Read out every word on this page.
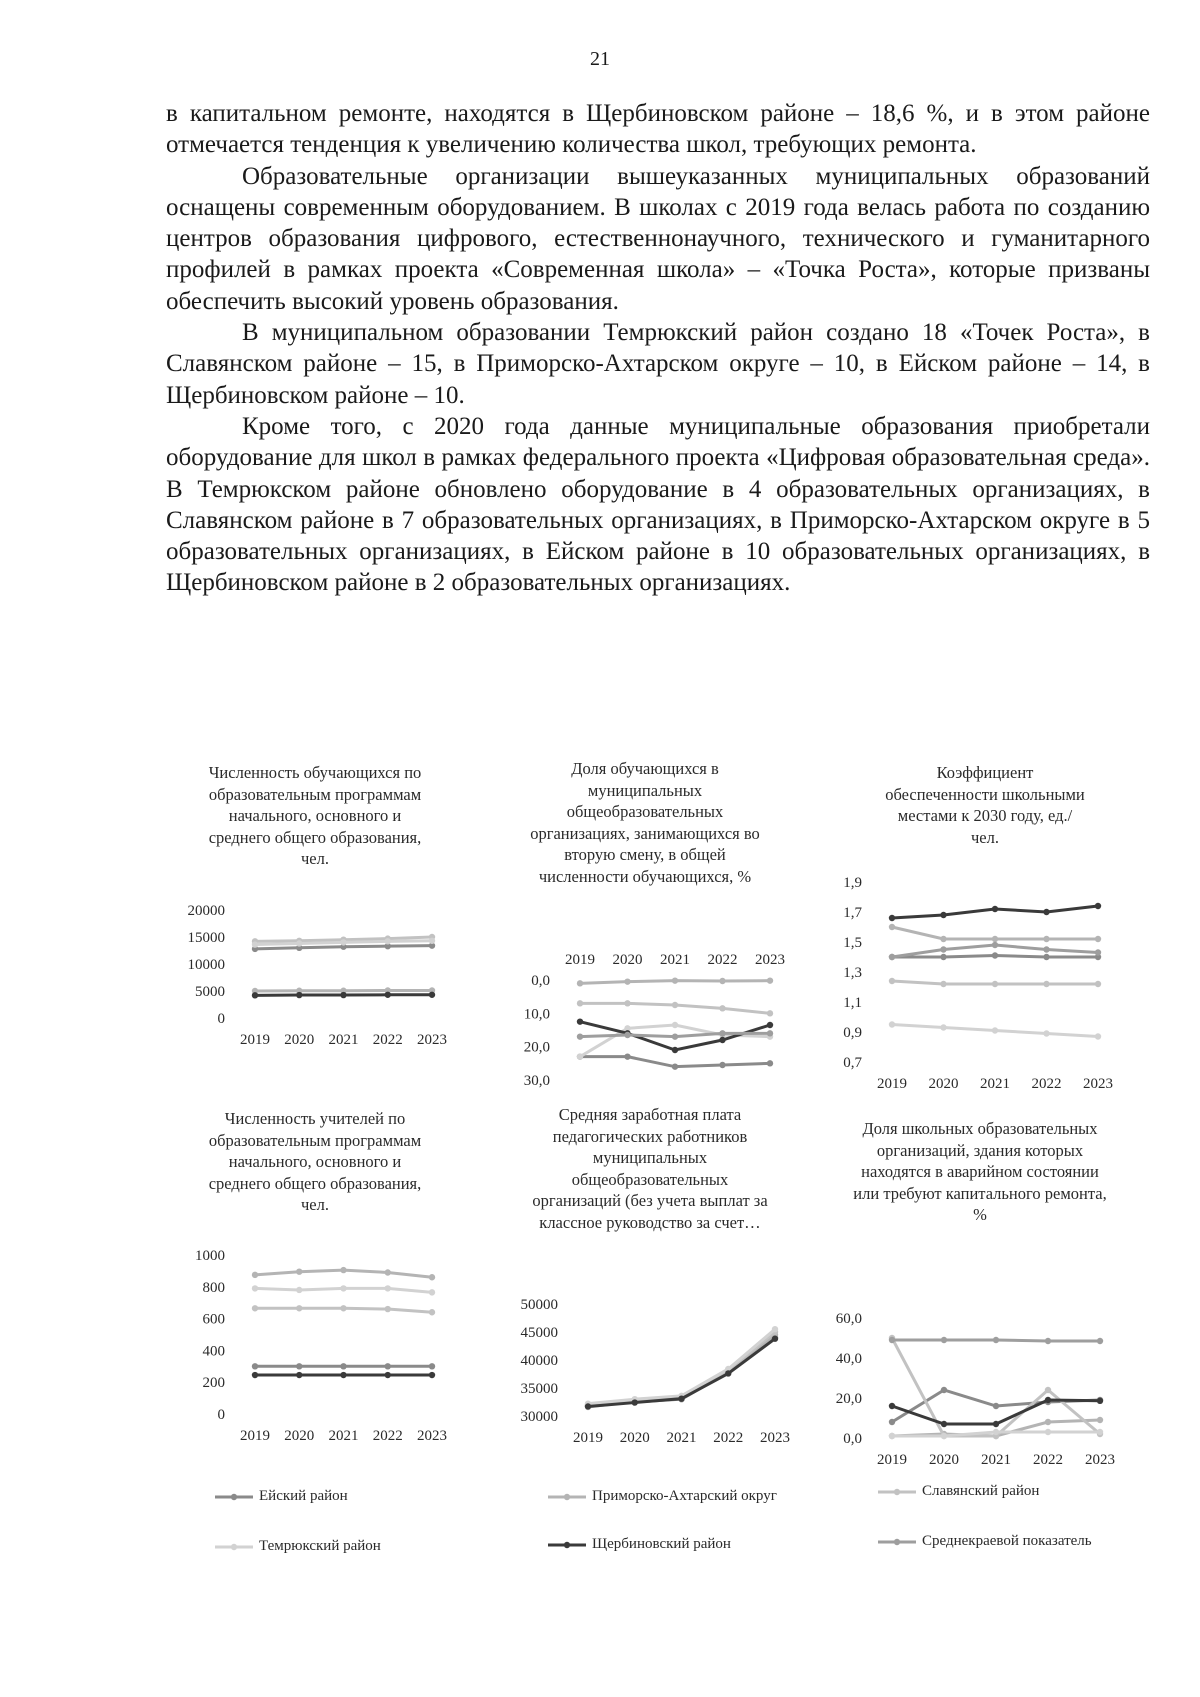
21

в капитальном ремонте, находятся в Щербиновском районе – 18,6 %, и в этом районе отмечается тенденция к увеличению количества школ, требующих ремонта.

Образовательные организации вышеуказанных муниципальных образований оснащены современным оборудованием. В школах с 2019 года велась работа по созданию центров образования цифрового, естественнонаучного, технического и гуманитарного профилей в рамках проекта «Современная школа» – «Точка Роста», которые призваны обеспечить высокий уровень образования.

В муниципальном образовании Темрюкский район создано 18 «Точек Роста», в Славянском районе – 15, в Приморско-Ахтарском округе – 10, в Ейском районе – 14, в Щербиновском районе – 10.

Кроме того, с 2020 года данные муниципальные образования приобретали оборудование для школ в рамках федерального проекта «Цифровая образовательная среда». В Темрюкском районе обновлено оборудование в 4 образовательных организациях, в Славянском районе в 7 образовательных организациях, в Приморско-Ахтарском округе в 5 образовательных организациях, в Ейском районе в 10 образовательных организациях, в Щербиновском районе в 2 образовательных организациях.

Численность обучающихся по образовательным программам начального, основного и среднего общего образования, чел.
20000
15000
10000
5000
0
2019 2020 2021 2022 2023
Доля обучающихся в муниципальных общеобразовательных организациях, занимающихся во вторую смену, в общей численности обучающихся, %
0,0
10,0
20,0
30,0
2019 2020 2021 2022 2023
Коэффициент обеспеченности школьными местами к 2030 году, ед./чел.
1,9
1,7
1,5
1,3
1,1
0,9
0,7
2019 2020 2021 2022 2023
Численность учителей по образовательным программам начального, основного и среднего общего образования, чел.
1000
800
600
400
200
0
2019 2020 2021 2022 2023
Средняя заработная плата педагогических работников муниципальных общеобразовательных организаций (без учета выплат за классное руководство за счет…
50000
45000
40000
35000
30000
2019 2020 2021 2022 2023
Доля школьных образовательных организаций, здания которых находятся в аварийном состоянии или требуют капитального ремонта, %
60,0
40,0
20,0
0,0
2019 2020 2021 2022 2023
Ейский район	Приморско-Ахтарский округ	Славянский район
Темрюкский район	Щербиновский район	Среднекраевой показатель
